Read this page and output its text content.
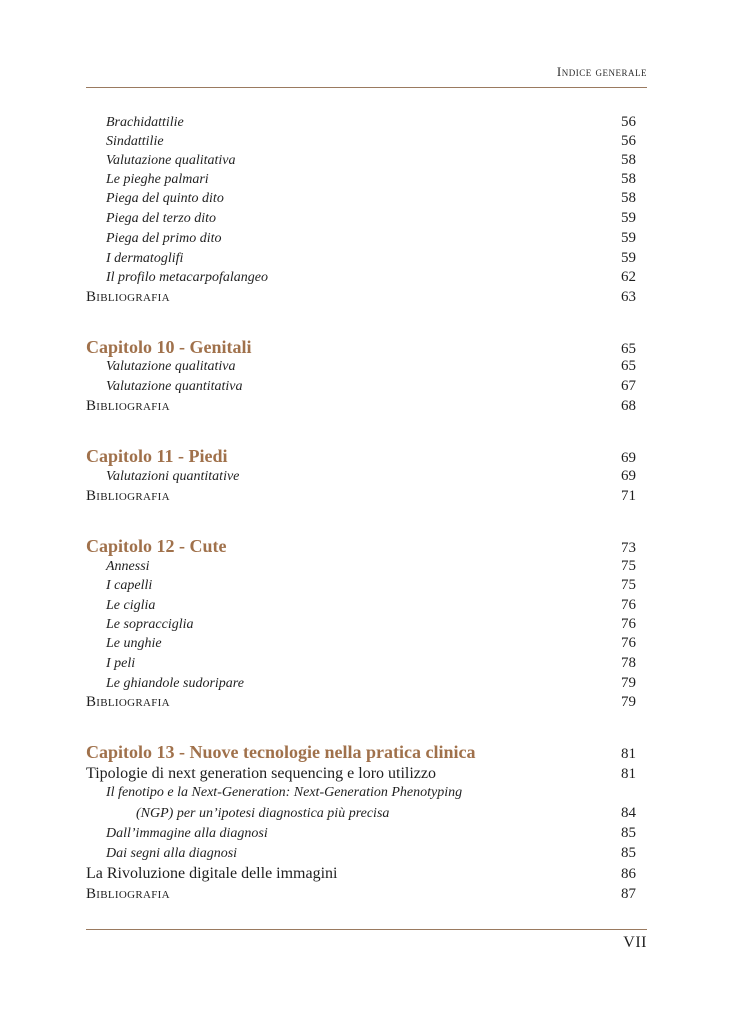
Indice generale
Brachidattilie	56
Sindattilie	56
Valutazione qualitativa	58
Le pieghe palmari	58
Piega del quinto dito	58
Piega del terzo dito	59
Piega del primo dito	59
I dermatoglifi	59
Il profilo metacarpofalangeo	62
Bibliografia	63
Capitolo 10 - Genitali	65
Valutazione qualitativa	65
Valutazione quantitativa	67
Bibliografia	68
Capitolo 11 - Piedi	69
Valutazioni quantitative	69
Bibliografia	71
Capitolo 12 - Cute	73
Annessi	75
I capelli	75
Le ciglia	76
Le sopracciglia	76
Le unghie	76
I peli	78
Le ghiandole sudoripare	79
Bibliografia	79
Capitolo 13 - Nuove tecnologie nella pratica clinica	81
Tipologie di next generation sequencing e loro utilizzo	81
Il fenotipo e la Next-Generation: Next-Generation Phenotyping
(NGP) per un’ipotesi diagnostica più precisa	84
Dall’immagine alla diagnosi	85
Dai segni alla diagnosi	85
La Rivoluzione digitale delle immagini	86
Bibliografia	87
VII
